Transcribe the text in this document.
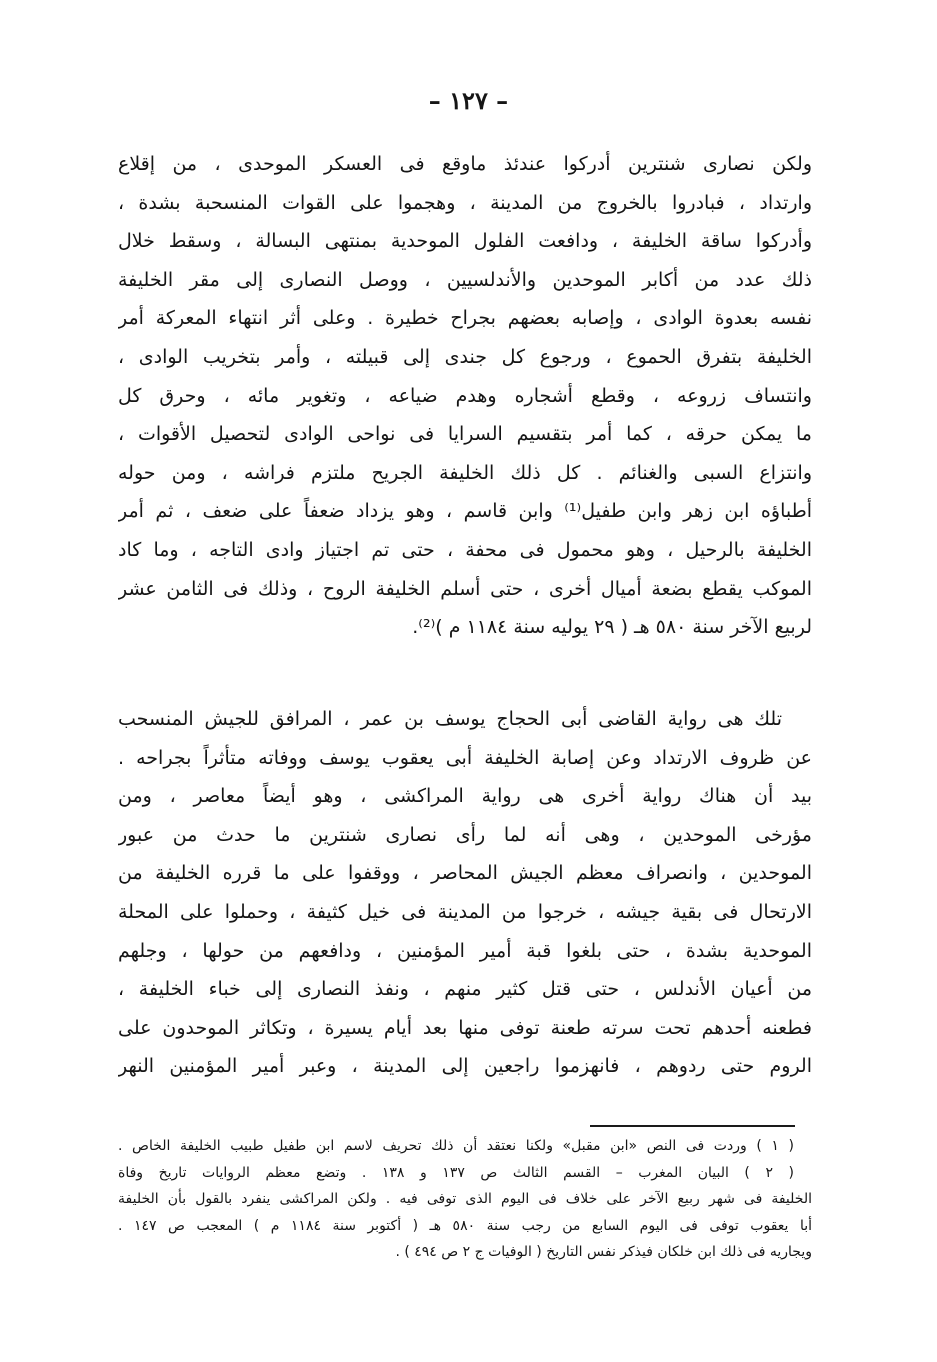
– ١٢٧ –
ولكن نصارى شنترين أدركوا عندئذ ماوقع فى العسكر الموحدى ، من إقلاع
وارتداد ، فبادروا بالخروج من المدينة ، وهجموا على القوات المنسحبة بشدة ،
وأدركوا ساقة الخليفة ، ودافعت الفلول الموحدية بمنتهى البسالة ، وسقط خلال
ذلك عدد من أكابر الموحدين والأندلسيين ، ووصل النصارى إلى مقر الخليفة
نفسه بعدوة الوادى ، وإصابه بعضهم بجراح خطيرة . وعلى أثر انتهاء المعركة أمر
الخليفة بتفرق الحموع ، ورجوع كل جندى إلى قبيلته ، وأمر بتخريب الوادى ،
وانتساف زروعه ، وقطع أشجاره وهدم ضياعه ، وتغوير مائه ، وحرق كل
ما يمكن حرقه ، كما أمر بتقسيم السرايا فى نواحى الوادى لتحصيل الأقوات ،
وانتزاع السبى والغنائم . كل ذلك الخليفة الجريح ملتزم فراشه ، ومن حوله
أطباؤه ابن زهر وابن طفيل⁽¹⁾ وابن قاسم ، وهو يزداد ضعفاً على ضعف ، ثم أمر
الخليفة بالرحيل ، وهو محمول فى محفة ، حتى تم اجتياز وادى التاجه ، وما كاد
الموكب يقطع بضعة أميال أخرى ، حتى أسلم الخليفة الروح ، وذلك فى الثامن عشر
لربيع الآخر سنة ٥٨٠ هـ ( ٢٩ يوليه سنة ١١٨٤ م )⁽²⁾.
تلك هى رواية القاضى أبى الحجاج يوسف بن عمر ، المرافق للجيش المنسحب
عن ظروف الارتداد وعن إصابة الخليفة أبى يعقوب يوسف ووفاته متأثراً بجراحه .
بيد أن هناك رواية أخرى هى رواية المراكشى ، وهو أيضاً معاصر ، ومن
مؤرخى الموحدين ، وهى أنه لما رأى نصارى شنترين ما حدث من عبور
الموحدين ، وانصراف معظم الجيش المحاصر ، ووقفوا على ما قرره الخليفة من
الارتحال فى بقية جيشه ، خرجوا من المدينة فى خيل كثيفة ، وحملوا على المحلة
الموحدية بشدة ، حتى بلغوا قبة أمير المؤمنين ، ودافعهم من حولها ، وجلهم
من أعيان الأندلس ، حتى قتل كثير منهم ، ونفذ النصارى إلى خباء الخليفة ،
فطعنه أحدهم تحت سرته طعنة توفى منها بعد أيام يسيرة ، وتكاثر الموحدون على
الروم حتى ردوهم ، فانهزموا راجعين إلى المدينة ، وعبر أمير المؤمنين النهر
( ١ ) وردت فى النص «ابن مقبل» ولكنا نعتقد أن ذلك تحريف لاسم ابن طفيل طبيب الخليفة الخاص .
( ٢ ) البيان المغرب – القسم الثالث ص ١٣٧ و ١٣٨ . وتضع معظم الروايات تاريخ وفاة
الخليفة فى شهر ربيع الآخر على خلاف فى اليوم الذى توفى فيه . ولكن المراكشى ينفرد بالقول بأن الخليفة
أبا يعقوب توفى فى اليوم السابع من رجب سنة ٥٨٠ هـ ( أكتوبر سنة ١١٨٤ م ) المعجب ص ١٤٧ .
ويجاريه فى ذلك ابن خلكان فيذكر نفس التاريخ ( الوفيات ج ٢ ص ٤٩٤ ) .
